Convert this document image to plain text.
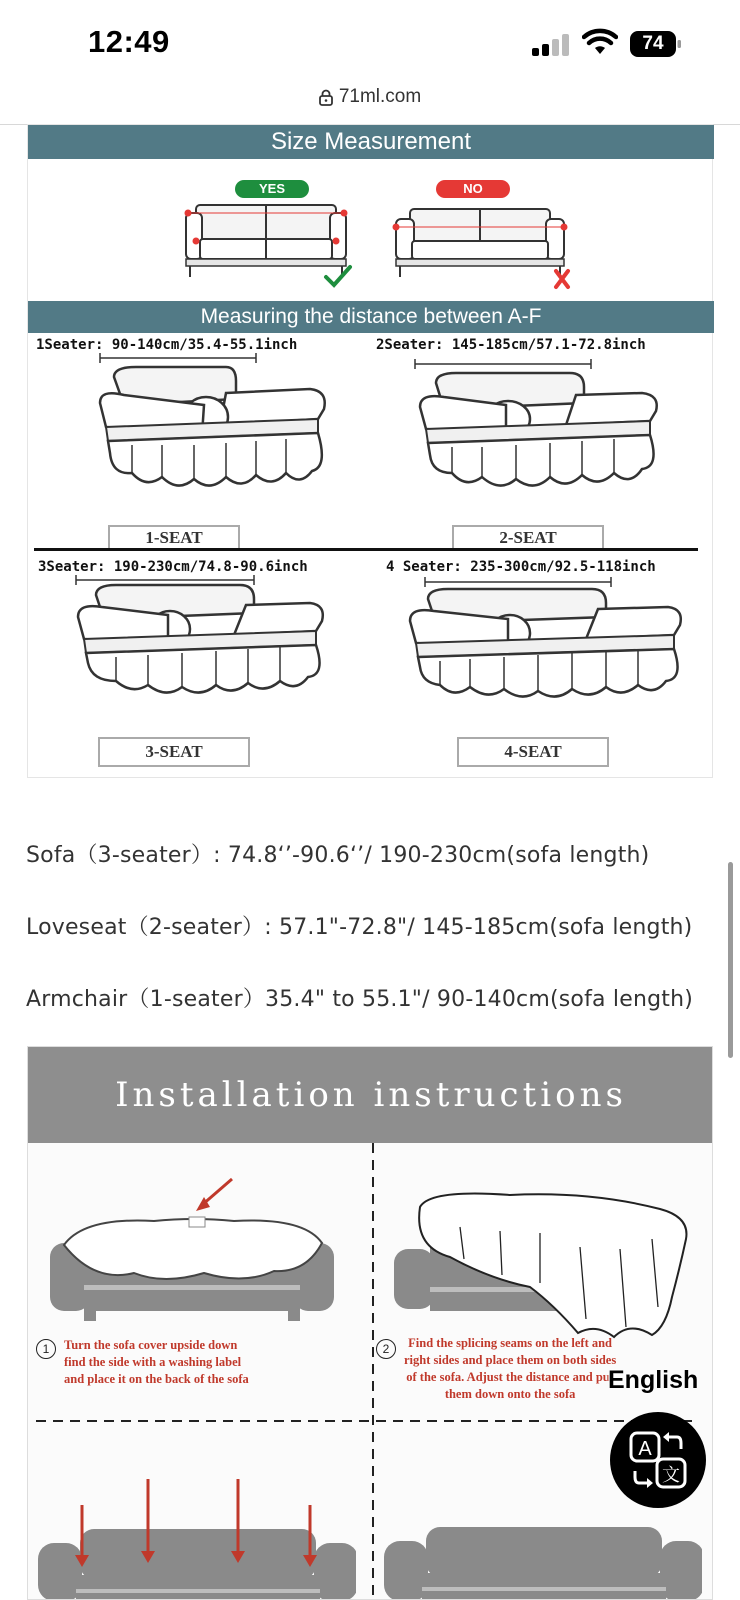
12:49	74
71ml.com
Size Measurement
YES	NO
Measuring the distance between A-F
1Seater: 90-140cm/35.4-55.1inch	2Seater: 145-185cm/57.1-72.8inch
3Seater: 190-230cm/74.8-90.6inch	4 Seater: 235-300cm/92.5-118inch
1-SEAT	2-SEAT
3-SEAT	4-SEAT
Sofa（3-seater）: 74.8‘’-90.6‘’/ 190-230cm(sofa length)
Loveseat（2-seater）: 57.1"-72.8"/ 145-185cm(sofa length)
Armchair（1-seater）35.4" to 55.1"/ 90-140cm(sofa length)
Installation instructions
1	Turn the sofa cover upside down
find the side with a washing label
and place it on the back of the sofa
2	Find the splicing seams on the left and
right sides and place them on both sides
of the sofa. Adjust the distance and put
them down onto the sofa	English
A
文
